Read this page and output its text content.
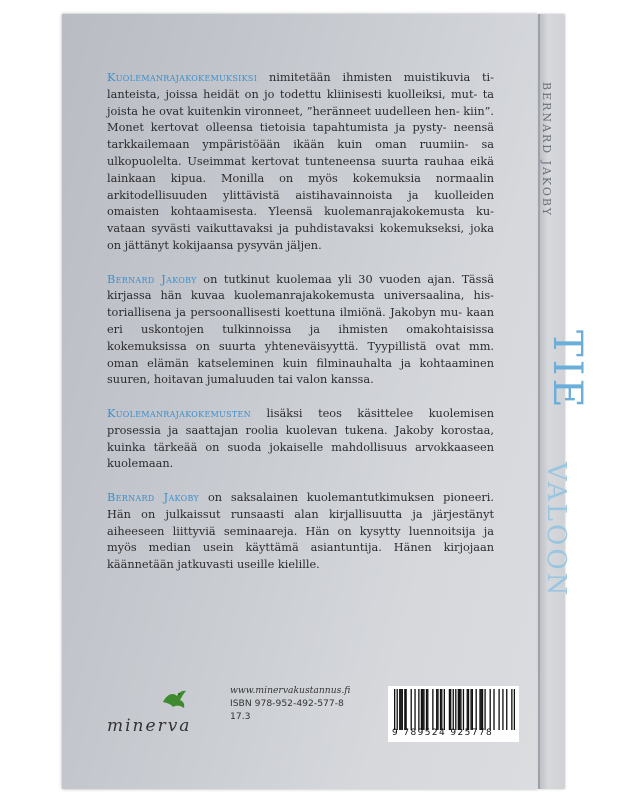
BERNARD JAKOBY
TIE
VALOON

Kuolemanrajakokemuksiksi nimitetään ihmisten muistikuvia ti- lanteista, joissa heidät on jo todettu kliinisesti kuolleiksi, mut- ta joista he ovat kuitenkin vironneet, ”heränneet uudelleen hen- kiin”. Monet kertovat olleensa tietoisia tapahtumista ja pysty- neensä tarkkailemaan ympäristöään ikään kuin oman ruumiin- sa ulkopuolelta. Useimmat kertovat tunteneensa suurta rauhaa eikä lainkaan kipua. Monilla on myös kokemuksia normaalin arkitodellisuuden ylittävistä aistihavainnoista ja kuolleiden omaisten kohtaamisesta. Yleensä kuolemanrajakokemusta ku- vataan syvästi vaikuttavaksi ja puhdistavaksi kokemukseksi, joka on jättänyt kokijaansa pysyvän jäljen.

Bernard Jakoby on tutkinut kuolemaa yli 30 vuoden ajan. Tässä kirjassa hän kuvaa kuolemanrajakokemusta universaalina, his- toriallisena ja persoonallisesti koettuna ilmiönä. Jakobyn mu- kaan eri uskontojen tulkinnoissa ja ihmisten omakohtaisissa kokemuksissa on suurta yhteneväisyyttä. Tyypillistä ovat mm. oman elämän katseleminen kuin filminauhalta ja kohtaaminen suuren, hoitavan jumaluuden tai valon kanssa.

Kuolemanrajakokemusten lisäksi teos käsittelee kuolemisen prosessia ja saattajan roolia kuolevan tukena. Jakoby korostaa, kuinka tärkeää on suoda jokaiselle mahdollisuus arvokkaaseen kuolemaan.

Bernard Jakoby on saksalainen kuolemantutkimuksen pioneeri. Hän on julkaissut runsaasti alan kirjallisuutta ja järjestänyt aiheeseen liittyviä seminaareja. Hän on kysytty luennoitsija ja myös median usein käyttämä asiantuntija. Hänen kirjojaan käännetään jatkuvasti useille kielille.

minerva
www.minervakustannus.fi
ISBN 978-952-492-577-8
17.3
9 789524 925778
